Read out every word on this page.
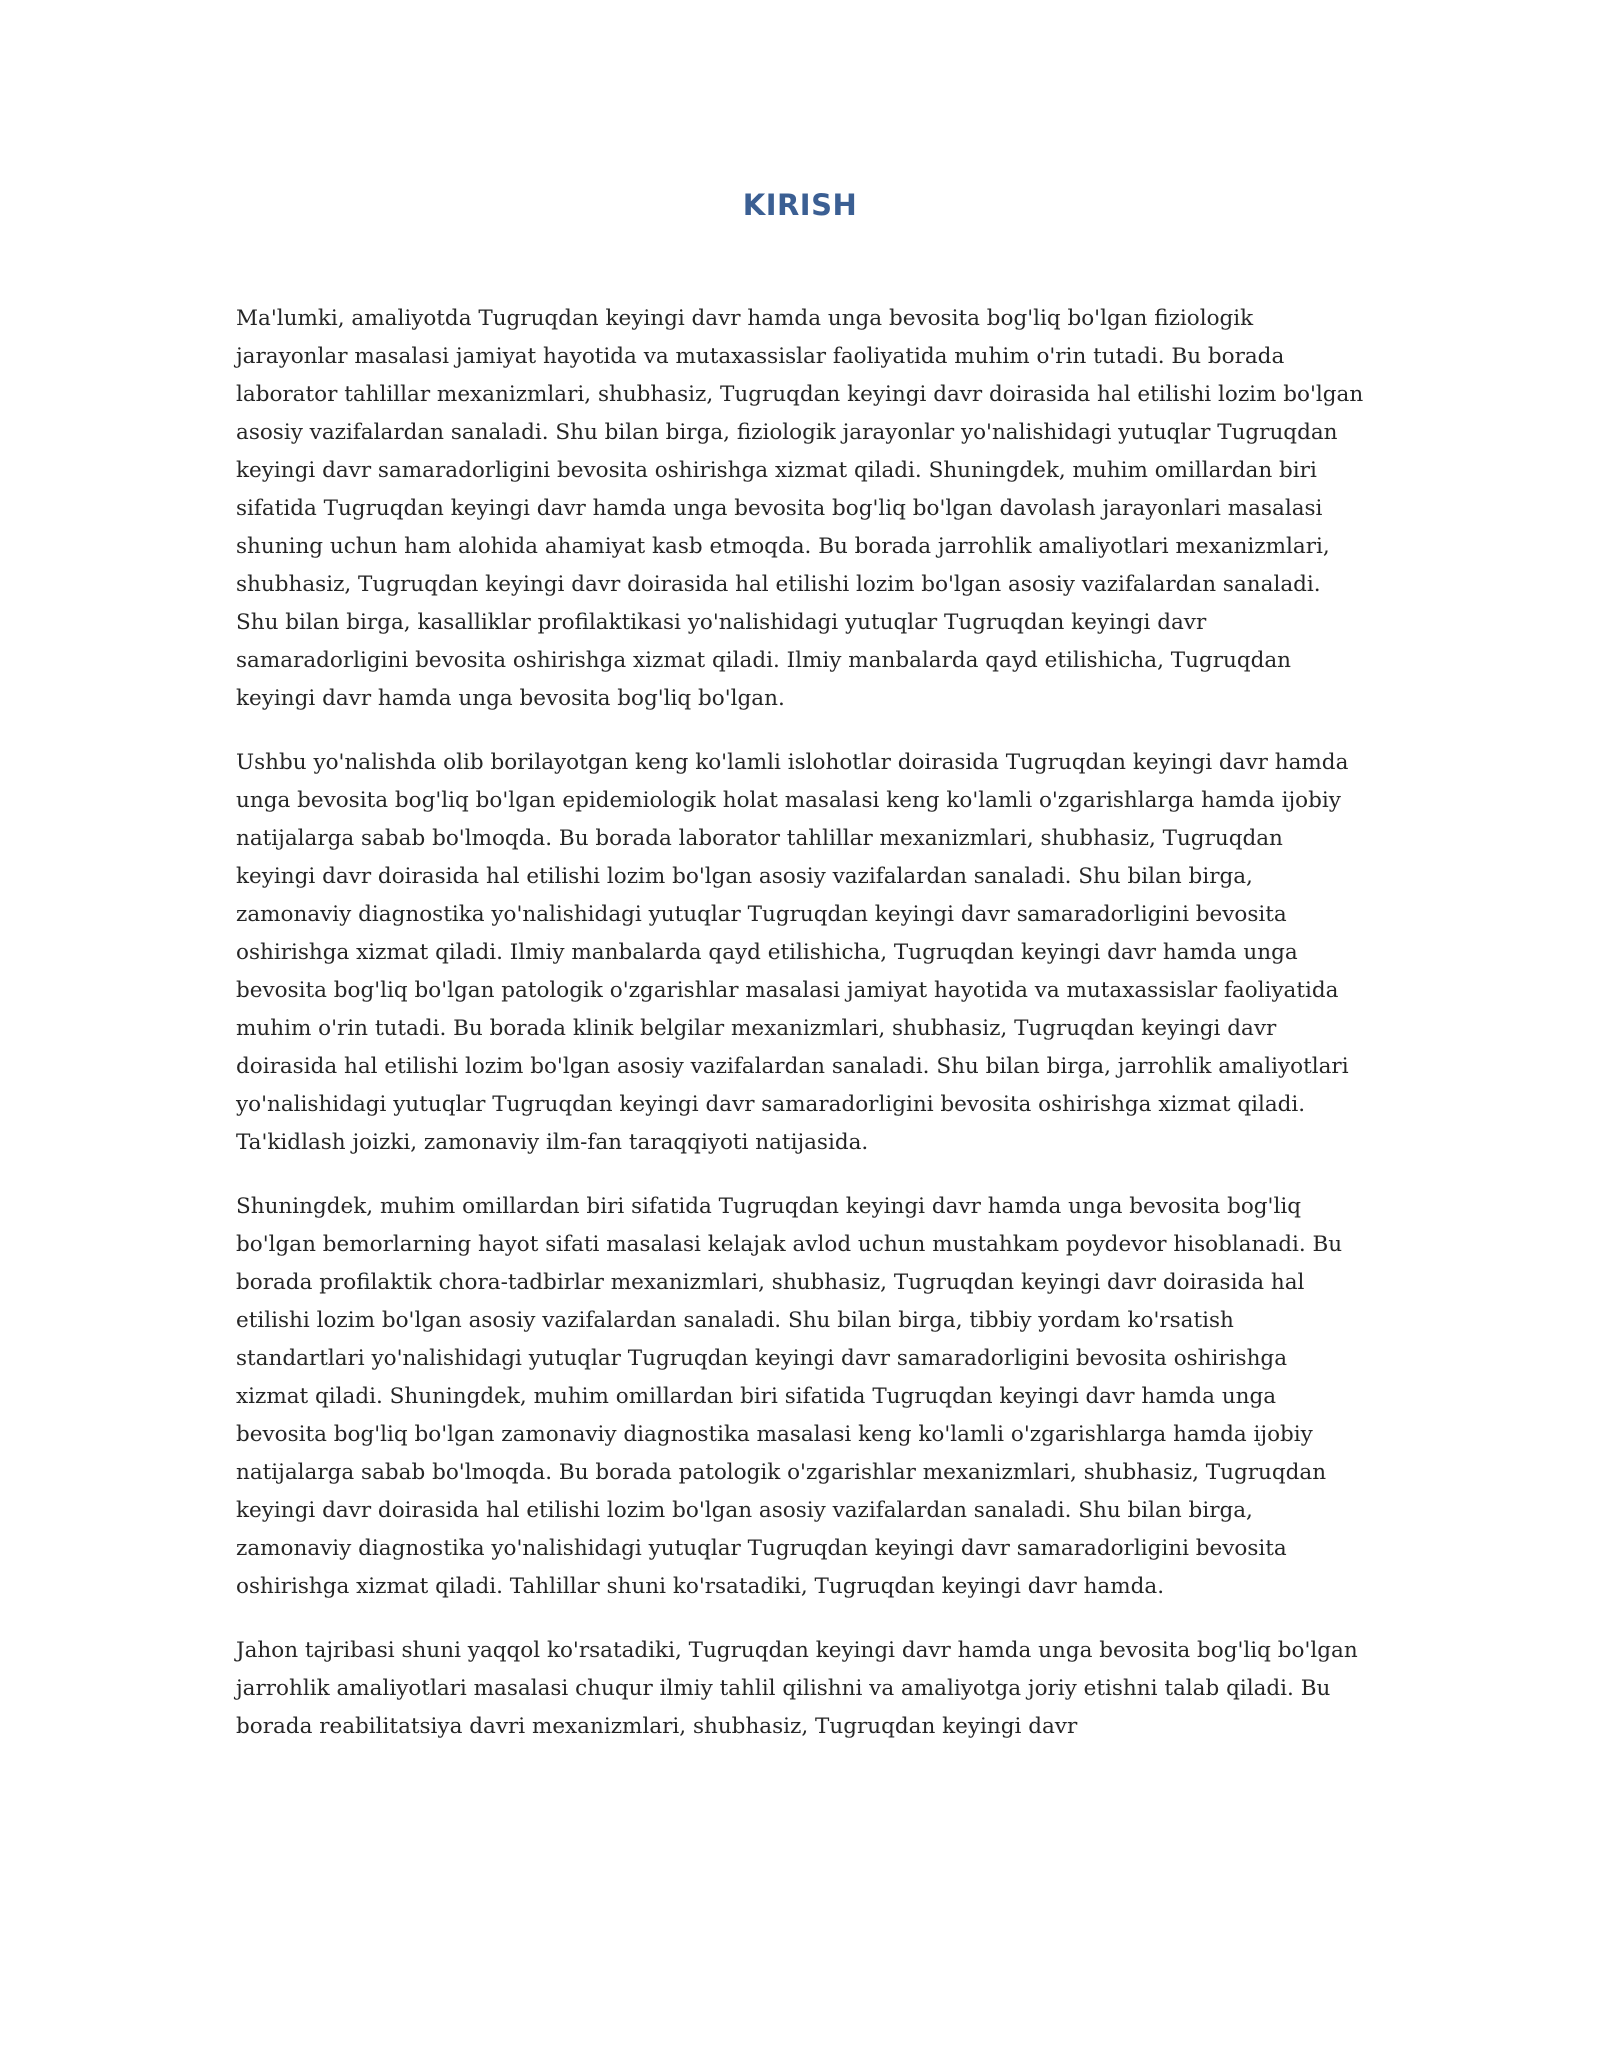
KIRISH

Ma'lumki, amaliyotda Tugruqdan keyingi davr hamda unga bevosita bog'liq bo'lgan fiziologik jarayonlar masalasi jamiyat hayotida va mutaxassislar faoliyatida muhim o'rin tutadi. Bu borada laborator tahlillar mexanizmlari, shubhasiz, Tugruqdan keyingi davr doirasida hal etilishi lozim bo'lgan asosiy vazifalardan sanaladi. Shu bilan birga, fiziologik jarayonlar yo'nalishidagi yutuqlar Tugruqdan keyingi davr samaradorligini bevosita oshirishga xizmat qiladi. Shuningdek, muhim omillardan biri sifatida Tugruqdan keyingi davr hamda unga bevosita bog'liq bo'lgan davolash jarayonlari masalasi shuning uchun ham alohida ahamiyat kasb etmoqda. Bu borada jarrohlik amaliyotlari mexanizmlari, shubhasiz, Tugruqdan keyingi davr doirasida hal etilishi lozim bo'lgan asosiy vazifalardan sanaladi. Shu bilan birga, kasalliklar profilaktikasi yo'nalishidagi yutuqlar Tugruqdan keyingi davr samaradorligini bevosita oshirishga xizmat qiladi. Ilmiy manbalarda qayd etilishicha, Tugruqdan keyingi davr hamda unga bevosita bog'liq bo'lgan.

Ushbu yo'nalishda olib borilayotgan keng ko'lamli islohotlar doirasida Tugruqdan keyingi davr hamda unga bevosita bog'liq bo'lgan epidemiologik holat masalasi keng ko'lamli o'zgarishlarga hamda ijobiy natijalarga sabab bo'lmoqda. Bu borada laborator tahlillar mexanizmlari, shubhasiz, Tugruqdan keyingi davr doirasida hal etilishi lozim bo'lgan asosiy vazifalardan sanaladi. Shu bilan birga, zamonaviy diagnostika yo'nalishidagi yutuqlar Tugruqdan keyingi davr samaradorligini bevosita oshirishga xizmat qiladi. Ilmiy manbalarda qayd etilishicha, Tugruqdan keyingi davr hamda unga bevosita bog'liq bo'lgan patologik o'zgarishlar masalasi jamiyat hayotida va mutaxassislar faoliyatida muhim o'rin tutadi. Bu borada klinik belgilar mexanizmlari, shubhasiz, Tugruqdan keyingi davr doirasida hal etilishi lozim bo'lgan asosiy vazifalardan sanaladi. Shu bilan birga, jarrohlik amaliyotlari yo'nalishidagi yutuqlar Tugruqdan keyingi davr samaradorligini bevosita oshirishga xizmat qiladi. Ta'kidlash joizki, zamonaviy ilm-fan taraqqiyoti natijasida.

Shuningdek, muhim omillardan biri sifatida Tugruqdan keyingi davr hamda unga bevosita bog'liq bo'lgan bemorlarning hayot sifati masalasi kelajak avlod uchun mustahkam poydevor hisoblanadi. Bu borada profilaktik chora-tadbirlar mexanizmlari, shubhasiz, Tugruqdan keyingi davr doirasida hal etilishi lozim bo'lgan asosiy vazifalardan sanaladi. Shu bilan birga, tibbiy yordam ko'rsatish standartlari yo'nalishidagi yutuqlar Tugruqdan keyingi davr samaradorligini bevosita oshirishga xizmat qiladi. Shuningdek, muhim omillardan biri sifatida Tugruqdan keyingi davr hamda unga bevosita bog'liq bo'lgan zamonaviy diagnostika masalasi keng ko'lamli o'zgarishlarga hamda ijobiy natijalarga sabab bo'lmoqda. Bu borada patologik o'zgarishlar mexanizmlari, shubhasiz, Tugruqdan keyingi davr doirasida hal etilishi lozim bo'lgan asosiy vazifalardan sanaladi. Shu bilan birga, zamonaviy diagnostika yo'nalishidagi yutuqlar Tugruqdan keyingi davr samaradorligini bevosita oshirishga xizmat qiladi. Tahlillar shuni ko'rsatadiki, Tugruqdan keyingi davr hamda.

Jahon tajribasi shuni yaqqol ko'rsatadiki, Tugruqdan keyingi davr hamda unga bevosita bog'liq bo'lgan jarrohlik amaliyotlari masalasi chuqur ilmiy tahlil qilishni va amaliyotga joriy etishni talab qiladi. Bu borada reabilitatsiya davri mexanizmlari, shubhasiz, Tugruqdan keyingi davr
